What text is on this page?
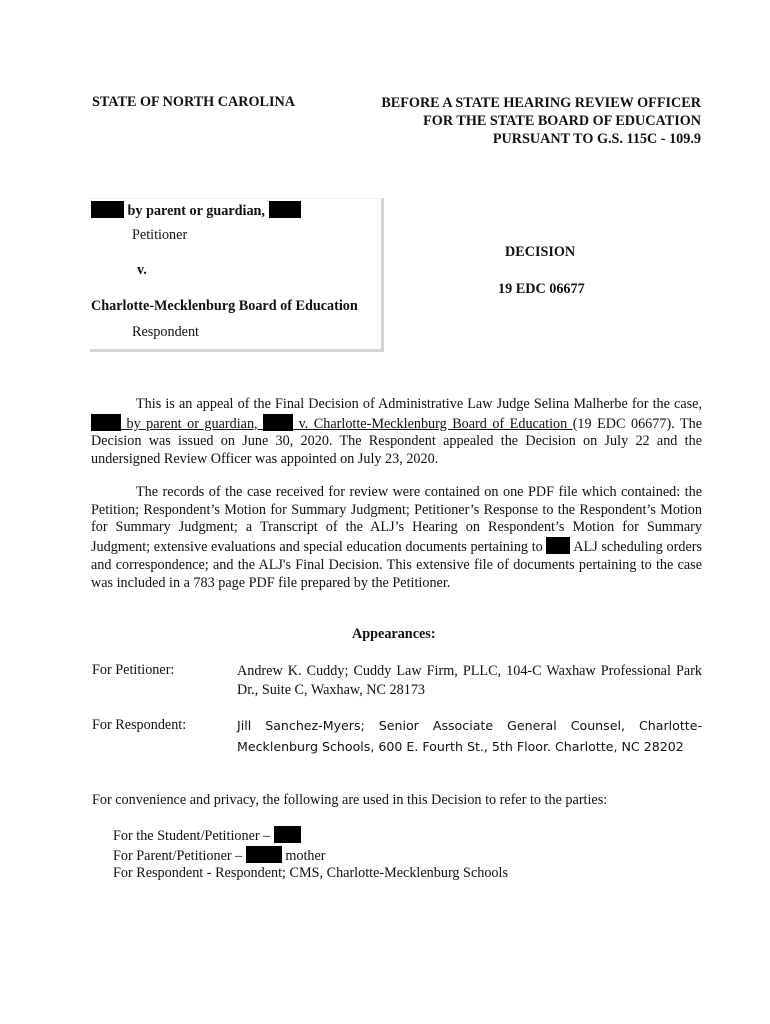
STATE OF NORTH CAROLINA	BEFORE A STATE HEARING REVIEW OFFICER
FOR THE STATE BOARD OF EDUCATION
PURSUANT TO G.S. 115C - 109.9
by parent or guardian,
Petitioner
v.
Charlotte-Mecklenburg Board of Education
Respondent
DECISION
19 EDC 06677
This is an appeal of the Final Decision of Administrative Law Judge Selina Malherbe for the case,  by parent or guardian,  v. Charlotte-Mecklenburg Board of Education (19 EDC 06677). The Decision was issued on June 30, 2020. The Respondent appealed the Decision on July 22 and the undersigned Review Officer was appointed on July 23, 2020.
The records of the case received for review were contained on one PDF file which contained: the Petition; Respondent’s Motion for Summary Judgment; Petitioner’s Response to the Respondent’s Motion for Summary Judgment; a Transcript of the ALJ’s Hearing on Respondent’s Motion for Summary Judgment; extensive evaluations and special education documents pertaining to  ALJ scheduling orders and correspondence; and the ALJ's Final Decision. This extensive file of documents pertaining to the case was included in a 783 page PDF file prepared by the Petitioner.
Appearances:
For Petitioner:	Andrew K. Cuddy; Cuddy Law Firm, PLLC, 104-C Waxhaw Professional Park Dr., Suite C, Waxhaw, NC 28173
For Respondent:	Jill Sanchez-Myers; Senior Associate General Counsel, Charlotte-Mecklenburg Schools, 600 E. Fourth St., 5th Floor. Charlotte, NC 28202
For convenience and privacy, the following are used in this Decision to refer to the parties:
For the Student/Petitioner –
For Parent/Petitioner –	mother
For Respondent - Respondent; CMS, Charlotte-Mecklenburg Schools
